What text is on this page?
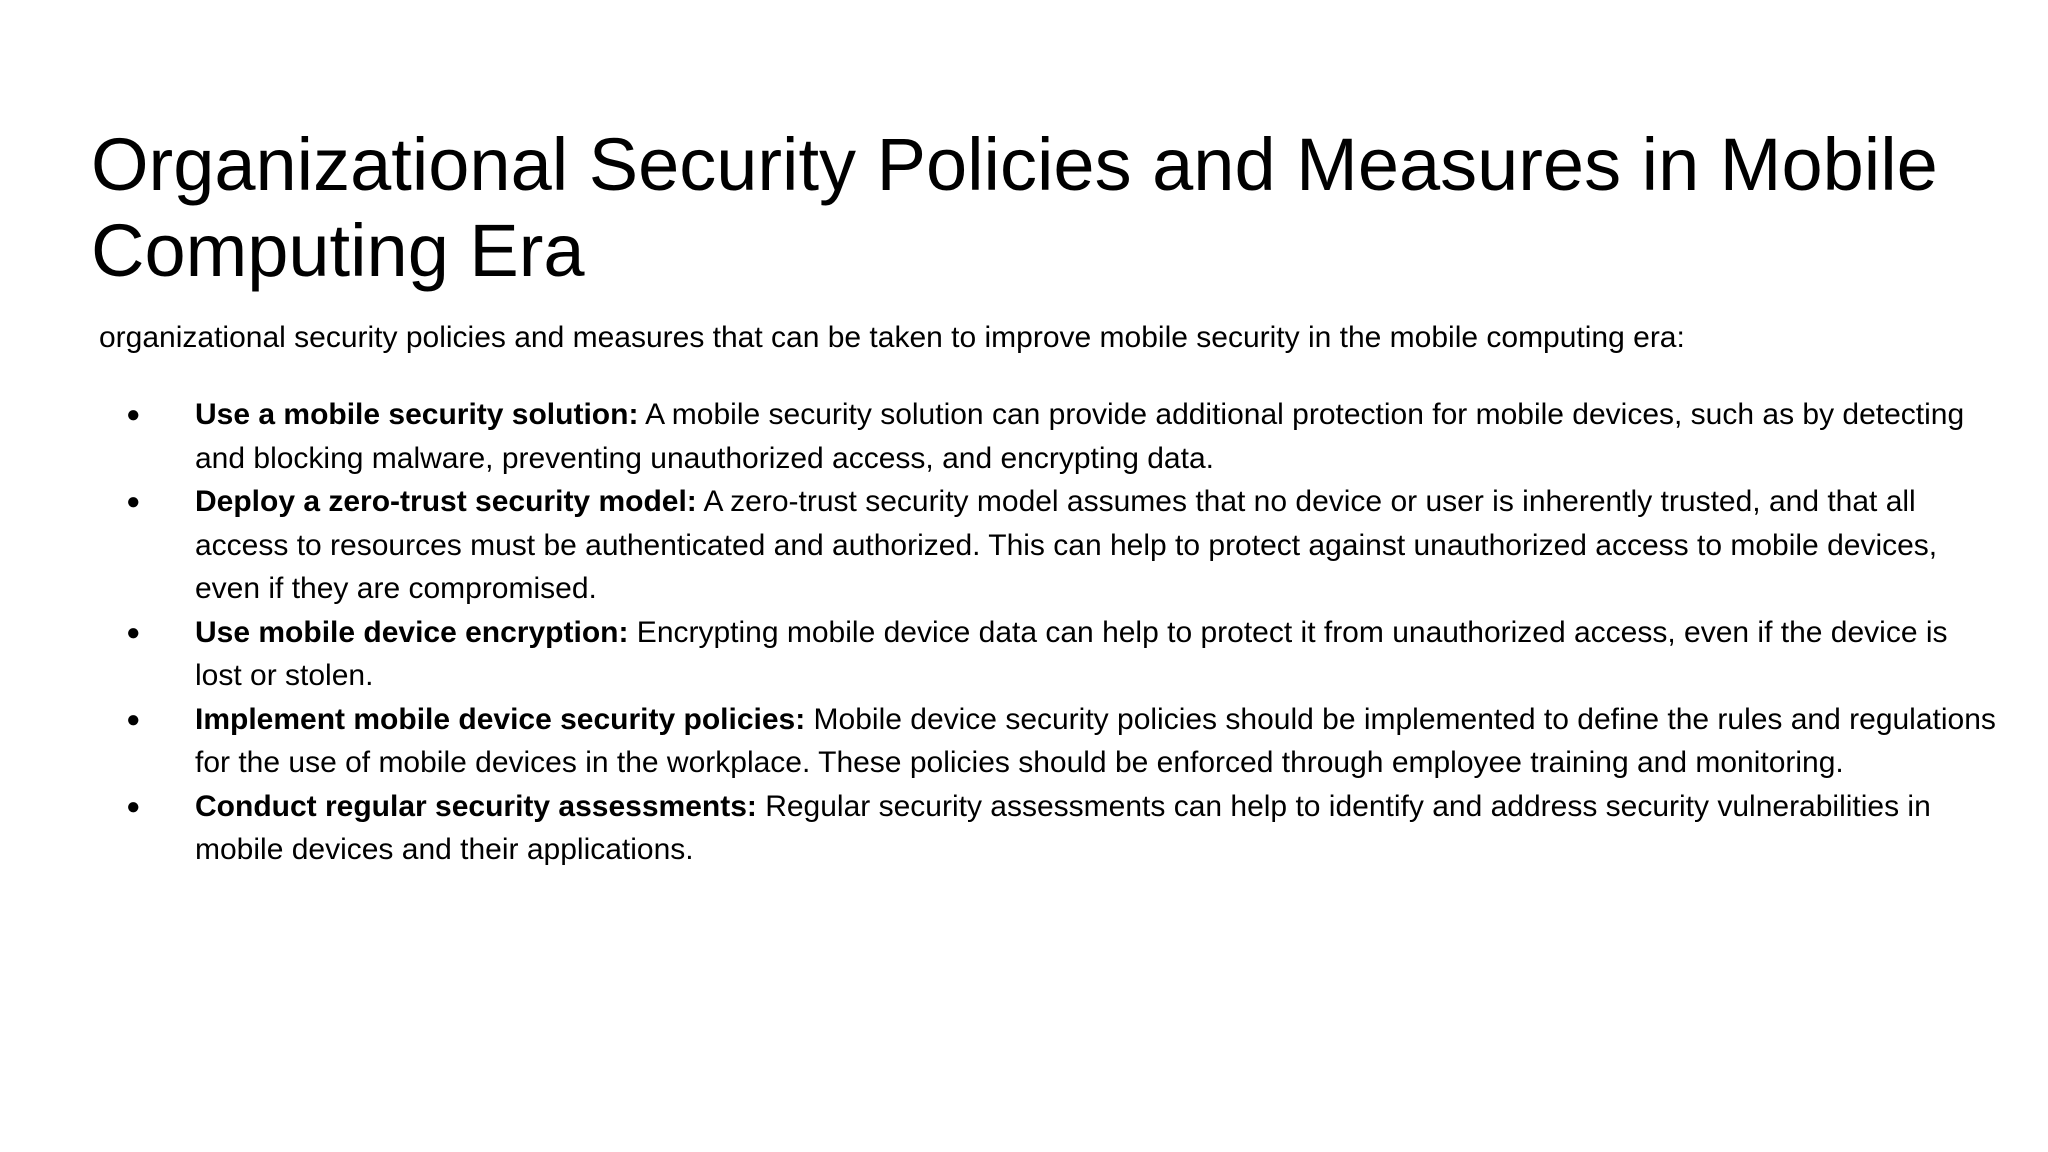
Organizational Security Policies and Measures in Mobile Computing Era

organizational security policies and measures that can be taken to improve mobile security in the mobile computing era:

● Use a mobile security solution: A mobile security solution can provide additional protection for mobile devices, such as by detecting and blocking malware, preventing unauthorized access, and encrypting data.
● Deploy a zero-trust security model: A zero-trust security model assumes that no device or user is inherently trusted, and that all access to resources must be authenticated and authorized. This can help to protect against unauthorized access to mobile devices, even if they are compromised.
● Use mobile device encryption: Encrypting mobile device data can help to protect it from unauthorized access, even if the device is lost or stolen.
● Implement mobile device security policies: Mobile device security policies should be implemented to define the rules and regulations for the use of mobile devices in the workplace. These policies should be enforced through employee training and monitoring.
● Conduct regular security assessments: Regular security assessments can help to identify and address security vulnerabilities in mobile devices and their applications.
